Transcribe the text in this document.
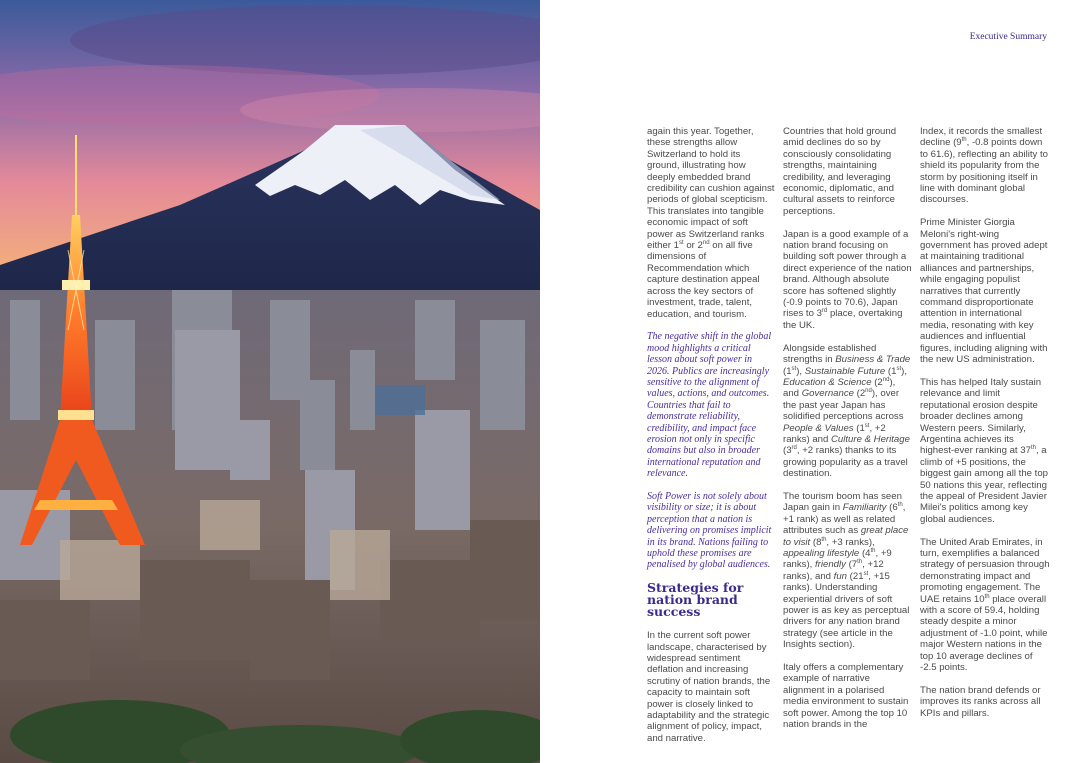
Executive Summary

again this year. Together, these strengths allow Switzerland to hold its ground, illustrating how deeply embedded brand credibility can cushion against periods of global scepticism. This translates into tangible economic impact of soft power as Switzerland ranks either 1st or 2nd on all five dimensions of Recommendation which capture destination appeal across the key sectors of investment, trade, talent, education, and tourism.

The negative shift in the global mood highlights a critical lesson about soft power in 2026. Publics are increasingly sensitive to the alignment of values, actions, and outcomes. Countries that fail to demonstrate reliability, credibility, and impact face erosion not only in specific domains but also in broader international reputation and relevance.

Soft Power is not solely about visibility or size; it is about perception that a nation is delivering on promises implicit in its brand. Nations failing to uphold these promises are penalised by global audiences.

Strategies for
nation brand success

In the current soft power landscape, characterised by widespread sentiment deflation and increasing scrutiny of nation brands, the capacity to maintain soft power is closely linked to adaptability and the strategic alignment of policy, impact, and narrative.

Countries that hold ground amid declines do so by consciously consolidating strengths, maintaining credibility, and leveraging economic, diplomatic, and cultural assets to reinforce perceptions.

Japan is a good example of a nation brand focusing on building soft power through a direct experience of the nation brand. Although absolute score has softened slightly (-0.9 points to 70.6), Japan rises to 3rd place, overtaking the UK.

Alongside established strengths in Business & Trade (1st), Sustainable Future (1st), Education & Science (2nd), and Governance (2nd), over the past year Japan has solidified perceptions across People & Values (1st, +2 ranks) and Culture & Heritage (3rd, +2 ranks) thanks to its growing popularity as a travel destination.

The tourism boom has seen Japan gain in Familiarity (6th, +1 rank) as well as related attributes such as great place to visit (8th, +3 ranks), appealing lifestyle (4th, +9 ranks), friendly (7th, +12 ranks), and fun (21st, +15 ranks). Understanding experiential drivers of soft power is as key as perceptual drivers for any nation brand strategy (see article in the Insights section).

Italy offers a complementary example of narrative alignment in a polarised media environment to sustain soft power. Among the top 10 nation brands in the

Index, it records the smallest decline (9th, -0.8 points down to 61.6), reflecting an ability to shield its popularity from the storm by positioning itself in line with dominant global discourses.

Prime Minister Giorgia Meloni's right-wing government has proved adept at maintaining traditional alliances and partnerships, while engaging populist narratives that currently command disproportionate attention in international media, resonating with key audiences and influential figures, including aligning with the new US administration.

This has helped Italy sustain relevance and limit reputational erosion despite broader declines among Western peers. Similarly, Argentina achieves its highest-ever ranking at 37th, a climb of +5 positions, the biggest gain among all the top 50 nations this year, reflecting the appeal of President Javier Milei's politics among key global audiences.

The United Arab Emirates, in turn, exemplifies a balanced strategy of persuasion through demonstrating impact and promoting engagement. The UAE retains 10th place overall with a score of 59.4, holding steady despite a minor adjustment of -1.0 point, while major Western nations in the top 10 average declines of -2.5 points.

The nation brand defends or improves its ranks across all KPIs and pillars.
